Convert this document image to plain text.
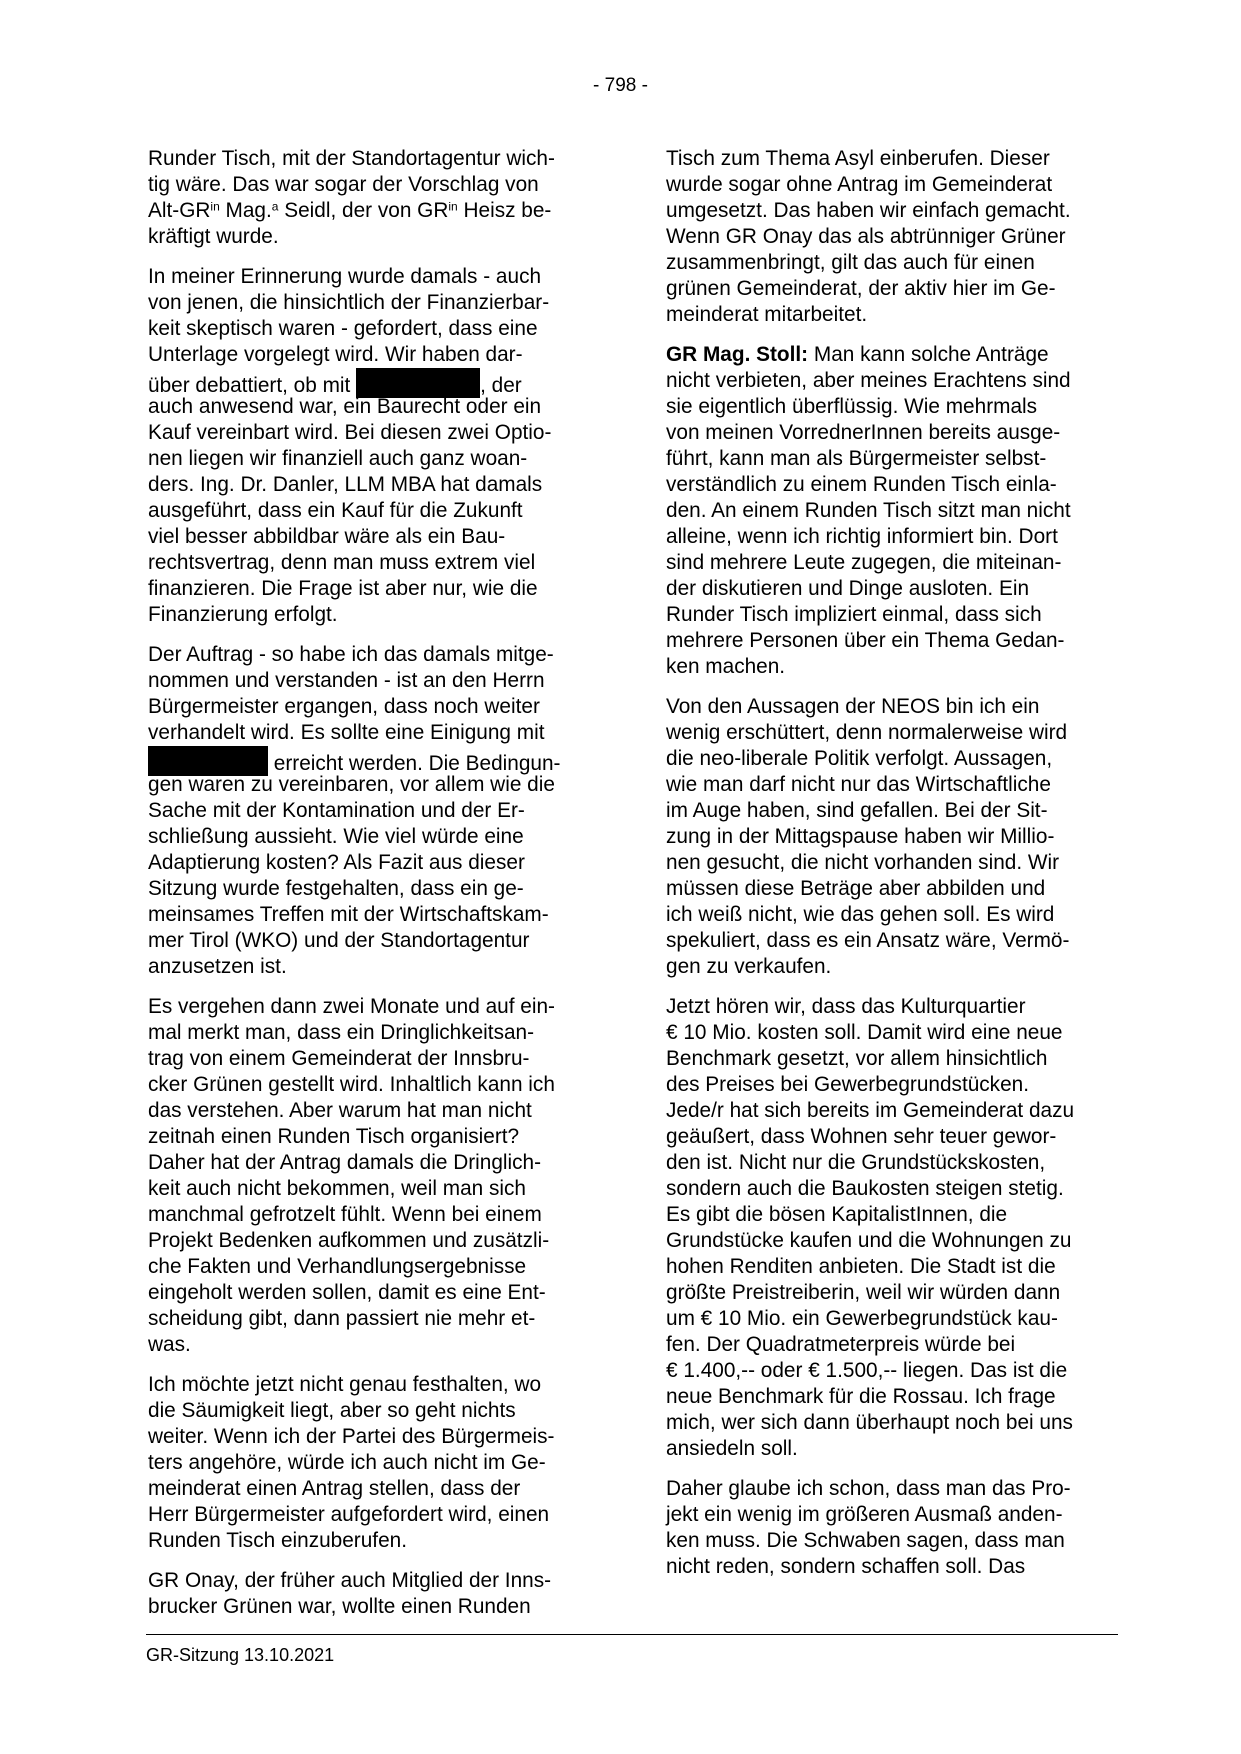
- 798 -
Runder Tisch, mit der Standortagentur wich-
tig wäre. Das war sogar der Vorschlag von
Alt-$GR^{in}$ Mag.$^a$ Seidl, der von $GR^{in}$ Heisz be-
kräftigt wurde.
In meiner Erinnerung wurde damals - auch
von jenen, die hinsichtlich der Finanzierbar-
keit skeptisch waren - gefordert, dass eine
Unterlage vorgelegt wird. Wir haben dar-
über debattiert, ob mit	, der
auch anwesend war, ein Baurecht oder ein
Kauf vereinbart wird. Bei diesen zwei Optio-
nen liegen wir finanziell auch ganz woan-
ders. Ing. Dr. Danler, LLM MBA hat damals
ausgeführt, dass ein Kauf für die Zukunft
viel besser abbildbar wäre als ein Bau-
rechtsvertrag, denn man muss extrem viel
finanzieren. Die Frage ist aber nur, wie die
Finanzierung erfolgt.
Der Auftrag - so habe ich das damals mitge-
nommen und verstanden - ist an den Herrn
Bürgermeister ergangen, dass noch weiter
verhandelt wird. Es sollte eine Einigung mit
erreicht werden. Die Bedingun-
gen waren zu vereinbaren, vor allem wie die
Sache mit der Kontamination und der Er-
schließung aussieht. Wie viel würde eine
Adaptierung kosten? Als Fazit aus dieser
Sitzung wurde festgehalten, dass ein ge-
meinsames Treffen mit der Wirtschaftskam-
mer Tirol (WKO) und der Standortagentur
anzusetzen ist.
Es vergehen dann zwei Monate und auf ein-
mal merkt man, dass ein Dringlichkeitsan-
trag von einem Gemeinderat der Innsbru-
cker Grünen gestellt wird. Inhaltlich kann ich
das verstehen. Aber warum hat man nicht
zeitnah einen Runden Tisch organisiert?
Daher hat der Antrag damals die Dringlich-
keit auch nicht bekommen, weil man sich
manchmal gefrotzelt fühlt. Wenn bei einem
Projekt Bedenken aufkommen und zusätzli-
che Fakten und Verhandlungsergebnisse
eingeholt werden sollen, damit es eine Ent-
scheidung gibt, dann passiert nie mehr et-
was.
Ich möchte jetzt nicht genau festhalten, wo
die Säumigkeit liegt, aber so geht nichts
weiter. Wenn ich der Partei des Bürgermeis-
ters angehöre, würde ich auch nicht im Ge-
meinderat einen Antrag stellen, dass der
Herr Bürgermeister aufgefordert wird, einen
Runden Tisch einzuberufen.
GR Onay, der früher auch Mitglied der Inns-
brucker Grünen war, wollte einen Runden
Tisch zum Thema Asyl einberufen. Dieser
wurde sogar ohne Antrag im Gemeinderat
umgesetzt. Das haben wir einfach gemacht.
Wenn GR Onay das als abtrünniger Grüner
zusammenbringt, gilt das auch für einen
grünen Gemeinderat, der aktiv hier im Ge-
meinderat mitarbeitet.
GR Mag. Stoll: Man kann solche Anträge
nicht verbieten, aber meines Erachtens sind
sie eigentlich überflüssig. Wie mehrmals
von meinen VorrednerInnen bereits ausge-
führt, kann man als Bürgermeister selbst-
verständlich zu einem Runden Tisch einla-
den. An einem Runden Tisch sitzt man nicht
alleine, wenn ich richtig informiert bin. Dort
sind mehrere Leute zugegen, die miteinan-
der diskutieren und Dinge ausloten. Ein
Runder Tisch impliziert einmal, dass sich
mehrere Personen über ein Thema Gedan-
ken machen.
Von den Aussagen der NEOS bin ich ein
wenig erschüttert, denn normalerweise wird
die neo-liberale Politik verfolgt. Aussagen,
wie man darf nicht nur das Wirtschaftliche
im Auge haben, sind gefallen. Bei der Sit-
zung in der Mittagspause haben wir Millio-
nen gesucht, die nicht vorhanden sind. Wir
müssen diese Beträge aber abbilden und
ich weiß nicht, wie das gehen soll. Es wird
spekuliert, dass es ein Ansatz wäre, Vermö-
gen zu verkaufen.
Jetzt hören wir, dass das Kulturquartier
€ 10 Mio. kosten soll. Damit wird eine neue
Benchmark gesetzt, vor allem hinsichtlich
des Preises bei Gewerbegrundstücken.
Jede/r hat sich bereits im Gemeinderat dazu
geäußert, dass Wohnen sehr teuer gewor-
den ist. Nicht nur die Grundstückskosten,
sondern auch die Baukosten steigen stetig.
Es gibt die bösen KapitalistInnen, die
Grundstücke kaufen und die Wohnungen zu
hohen Renditen anbieten. Die Stadt ist die
größte Preistreiberin, weil wir würden dann
um € 10 Mio. ein Gewerbegrundstück kau-
fen. Der Quadratmeterpreis würde bei
€ 1.400,-- oder € 1.500,-- liegen. Das ist die
neue Benchmark für die Rossau. Ich frage
mich, wer sich dann überhaupt noch bei uns
ansiedeln soll.
Daher glaube ich schon, dass man das Pro-
jekt ein wenig im größeren Ausmaß anden-
ken muss. Die Schwaben sagen, dass man
nicht reden, sondern schaffen soll. Das
GR-Sitzung 13.10.2021
